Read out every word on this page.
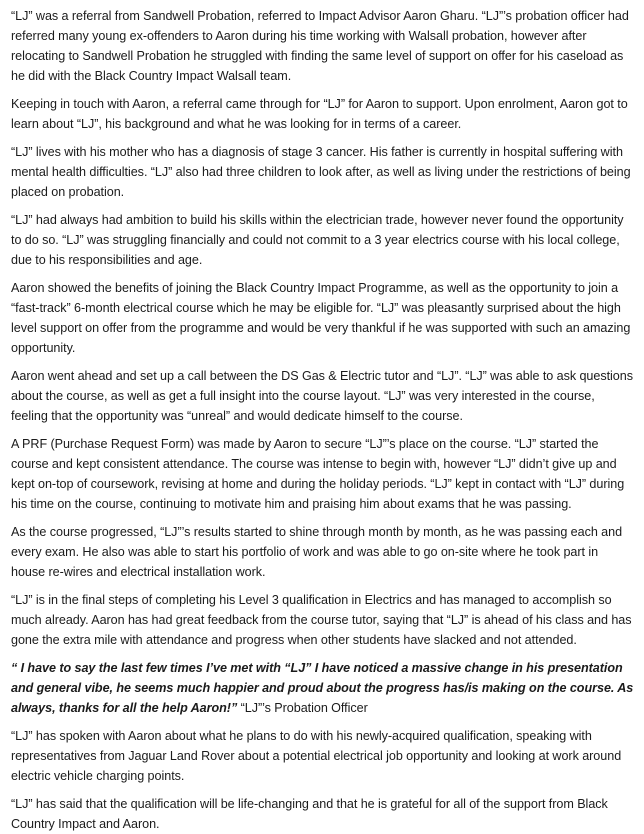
“LJ” was a referral from Sandwell Probation, referred to Impact Advisor Aaron Gharu. “LJ”’s probation officer had referred many young ex-offenders to Aaron during his time working with Walsall probation, however after relocating to Sandwell Probation he struggled with finding the same level of support on offer for his caseload as he did with the Black Country Impact Walsall team.

Keeping in touch with Aaron, a referral came through for “LJ” for Aaron to support. Upon enrolment, Aaron got to learn about “LJ”, his background and what he was looking for in terms of a career.

“LJ” lives with his mother who has a diagnosis of stage 3 cancer. His father is currently in hospital suffering with mental health difficulties. “LJ” also had three children to look after, as well as living under the restrictions of being placed on probation.

“LJ” had always had ambition to build his skills within the electrician trade, however never found the opportunity to do so. “LJ” was struggling financially and could not commit to a 3 year electrics course with his local college, due to his responsibilities and age.

Aaron showed the benefits of joining the Black Country Impact Programme, as well as the opportunity to join a “fast-track” 6-month electrical course which he may be eligible for. “LJ” was pleasantly surprised about the high level support on offer from the programme and would be very thankful if he was supported with such an amazing opportunity.

Aaron went ahead and set up a call between the DS Gas & Electric tutor and “LJ”. “LJ” was able to ask questions about the course, as well as get a full insight into the course layout. “LJ” was very interested in the course, feeling that the opportunity was “unreal” and would dedicate himself to the course.

A PRF (Purchase Request Form) was made by Aaron to secure “LJ”’s place on the course. “LJ” started the course and kept consistent attendance. The course was intense to begin with, however “LJ” didn’t give up and kept on-top of coursework, revising at home and during the holiday periods. “LJ” kept in contact with “LJ” during his time on the course, continuing to motivate him and praising him about exams that he was passing.

As the course progressed, “LJ”’s results started to shine through month by month, as he was passing each and every exam. He also was able to start his portfolio of work and was able to go on-site where he took part in house re-wires and electrical installation work.

“LJ” is in the final steps of completing his Level 3 qualification in Electrics and has managed to accomplish so much already. Aaron has had great feedback from the course tutor, saying that “LJ” is ahead of his class and has gone the extra mile with attendance and progress when other students have slacked and not attended.

“ I have to say the last few times I’ve met with “LJ” I have noticed a massive change in his presentation and general vibe, he seems much happier and proud about the progress has/is making on the course. As always, thanks for all the help Aaron!” “LJ”’s Probation Officer

“LJ” has spoken with Aaron about what he plans to do with his newly-acquired qualification, speaking with representatives from Jaguar Land Rover about a potential electrical job opportunity and looking at work around electric vehicle charging points.

“LJ” has said that the qualification will be life-changing and that he is grateful for all of the support from Black Country Impact and Aaron.
